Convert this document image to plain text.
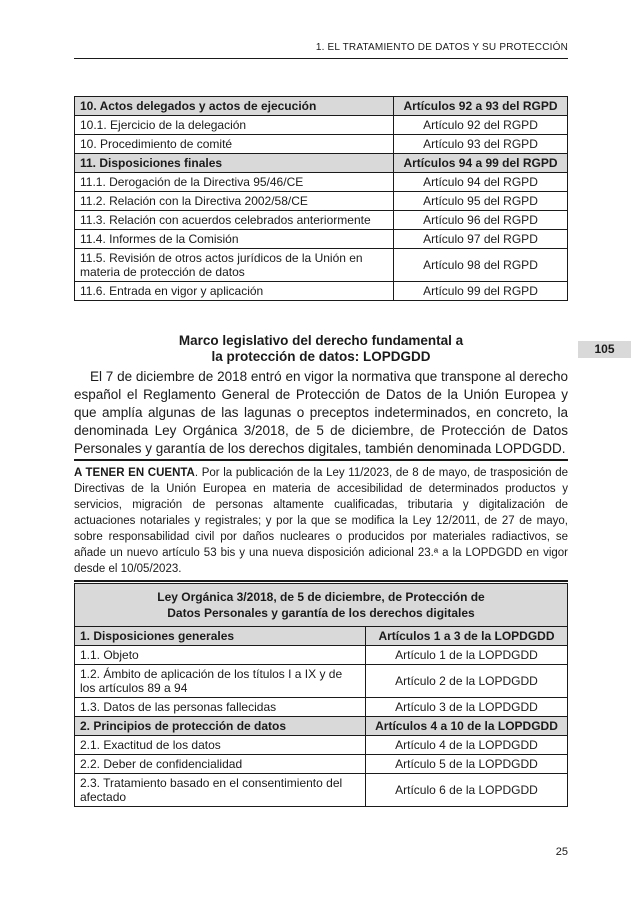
1. EL TRATAMIENTO DE DATOS Y SU PROTECCIÓN
105
10. Actos delegados y actos de ejecución	Artículos 92 a 93 del RGPD
10.1. Ejercicio de la delegación	Artículo 92 del RGPD
10. Procedimiento de comité	Artículo 93 del RGPD
11. Disposiciones finales	Artículos 94 a 99 del RGPD
11.1. Derogación de la Directiva 95/46/CE	Artículo 94 del RGPD
11.2. Relación con la Directiva 2002/58/CE	Artículo 95 del RGPD
11.3. Relación con acuerdos celebrados anteriormente	Artículo 96 del RGPD
11.4. Informes de la Comisión	Artículo 97 del RGPD
11.5. Revisión de otros actos jurídicos de la Unión en materia de protección de datos	Artículo 98 del RGPD
11.6. Entrada en vigor y aplicación	Artículo 99 del RGPD
Marco legislativo del derecho fundamental a
la protección de datos: LOPDGDD
El 7 de diciembre de 2018 entró en vigor la normativa que transpone al derecho español el Reglamento General de Protección de Datos de la Unión Europea y que amplía algunas de las lagunas o preceptos indeterminados, en concreto, la denominada Ley Orgánica 3/2018, de 5 de diciembre, de Protección de Datos Personales y garantía de los derechos digitales, también denominada LOPDGDD.
A TENER EN CUENTA. Por la publicación de la Ley 11/2023, de 8 de mayo, de trasposición de Directivas de la Unión Europea en materia de accesibilidad de determinados productos y servicios, migración de personas altamente cualificadas, tributaria y digitalización de actuaciones notariales y registrales; y por la que se modifica la Ley 12/2011, de 27 de mayo, sobre responsabilidad civil por daños nucleares o producidos por materiales radiactivos, se añade un nuevo artículo 53 bis y una nueva disposición adicional 23.ª a la LOPDGDD en vigor desde el 10/05/2023.
Ley Orgánica 3/2018, de 5 de diciembre, de Protección de
Datos Personales y garantía de los derechos digitales	

1. Disposiciones generales	Artículos 1 a 3 de la LOPDGDD
1.1. Objeto	Artículo 1 de la LOPDGDD
1.2. Ámbito de aplicación de los títulos I a IX y de los artículos 89 a 94	Artículo 2 de la LOPDGDD
1.3. Datos de las personas fallecidas	Artículo 3 de la LOPDGDD
2. Principios de protección de datos	Artículos 4 a 10 de la LOPDGDD
2.1. Exactitud de los datos	Artículo 4 de la LOPDGDD
2.2. Deber de confidencialidad	Artículo 5 de la LOPDGDD
2.3. Tratamiento basado en el consentimiento del afectado	Artículo 6 de la LOPDGDD
25
